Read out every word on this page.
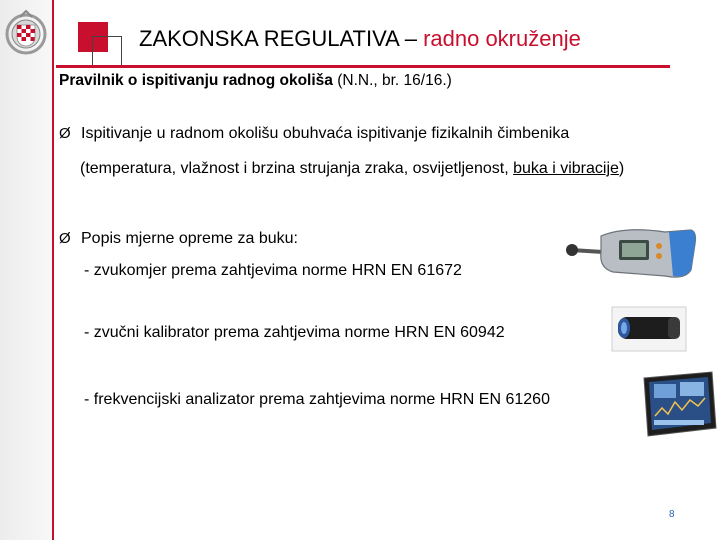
ZAKONSKA REGULATIVA – radno okruženje
Pravilnik o ispitivanju radnog okoliša (N.N., br. 16/16.)
Ø Ispitivanje u radnom okolišu obuhvaća ispitivanje fizikalnih čimbenika
(temperatura, vlažnost i brzina strujanja zraka, osvijetljenost, buka i vibracije)
Ø Popis mjerne opreme za buku:
- zvukomjer prema zahtjevima norme HRN EN 61672
- zvučni kalibrator prema zahtjevima norme HRN EN 60942
- frekvencijski analizator prema zahtjevima norme HRN EN 61260
8
